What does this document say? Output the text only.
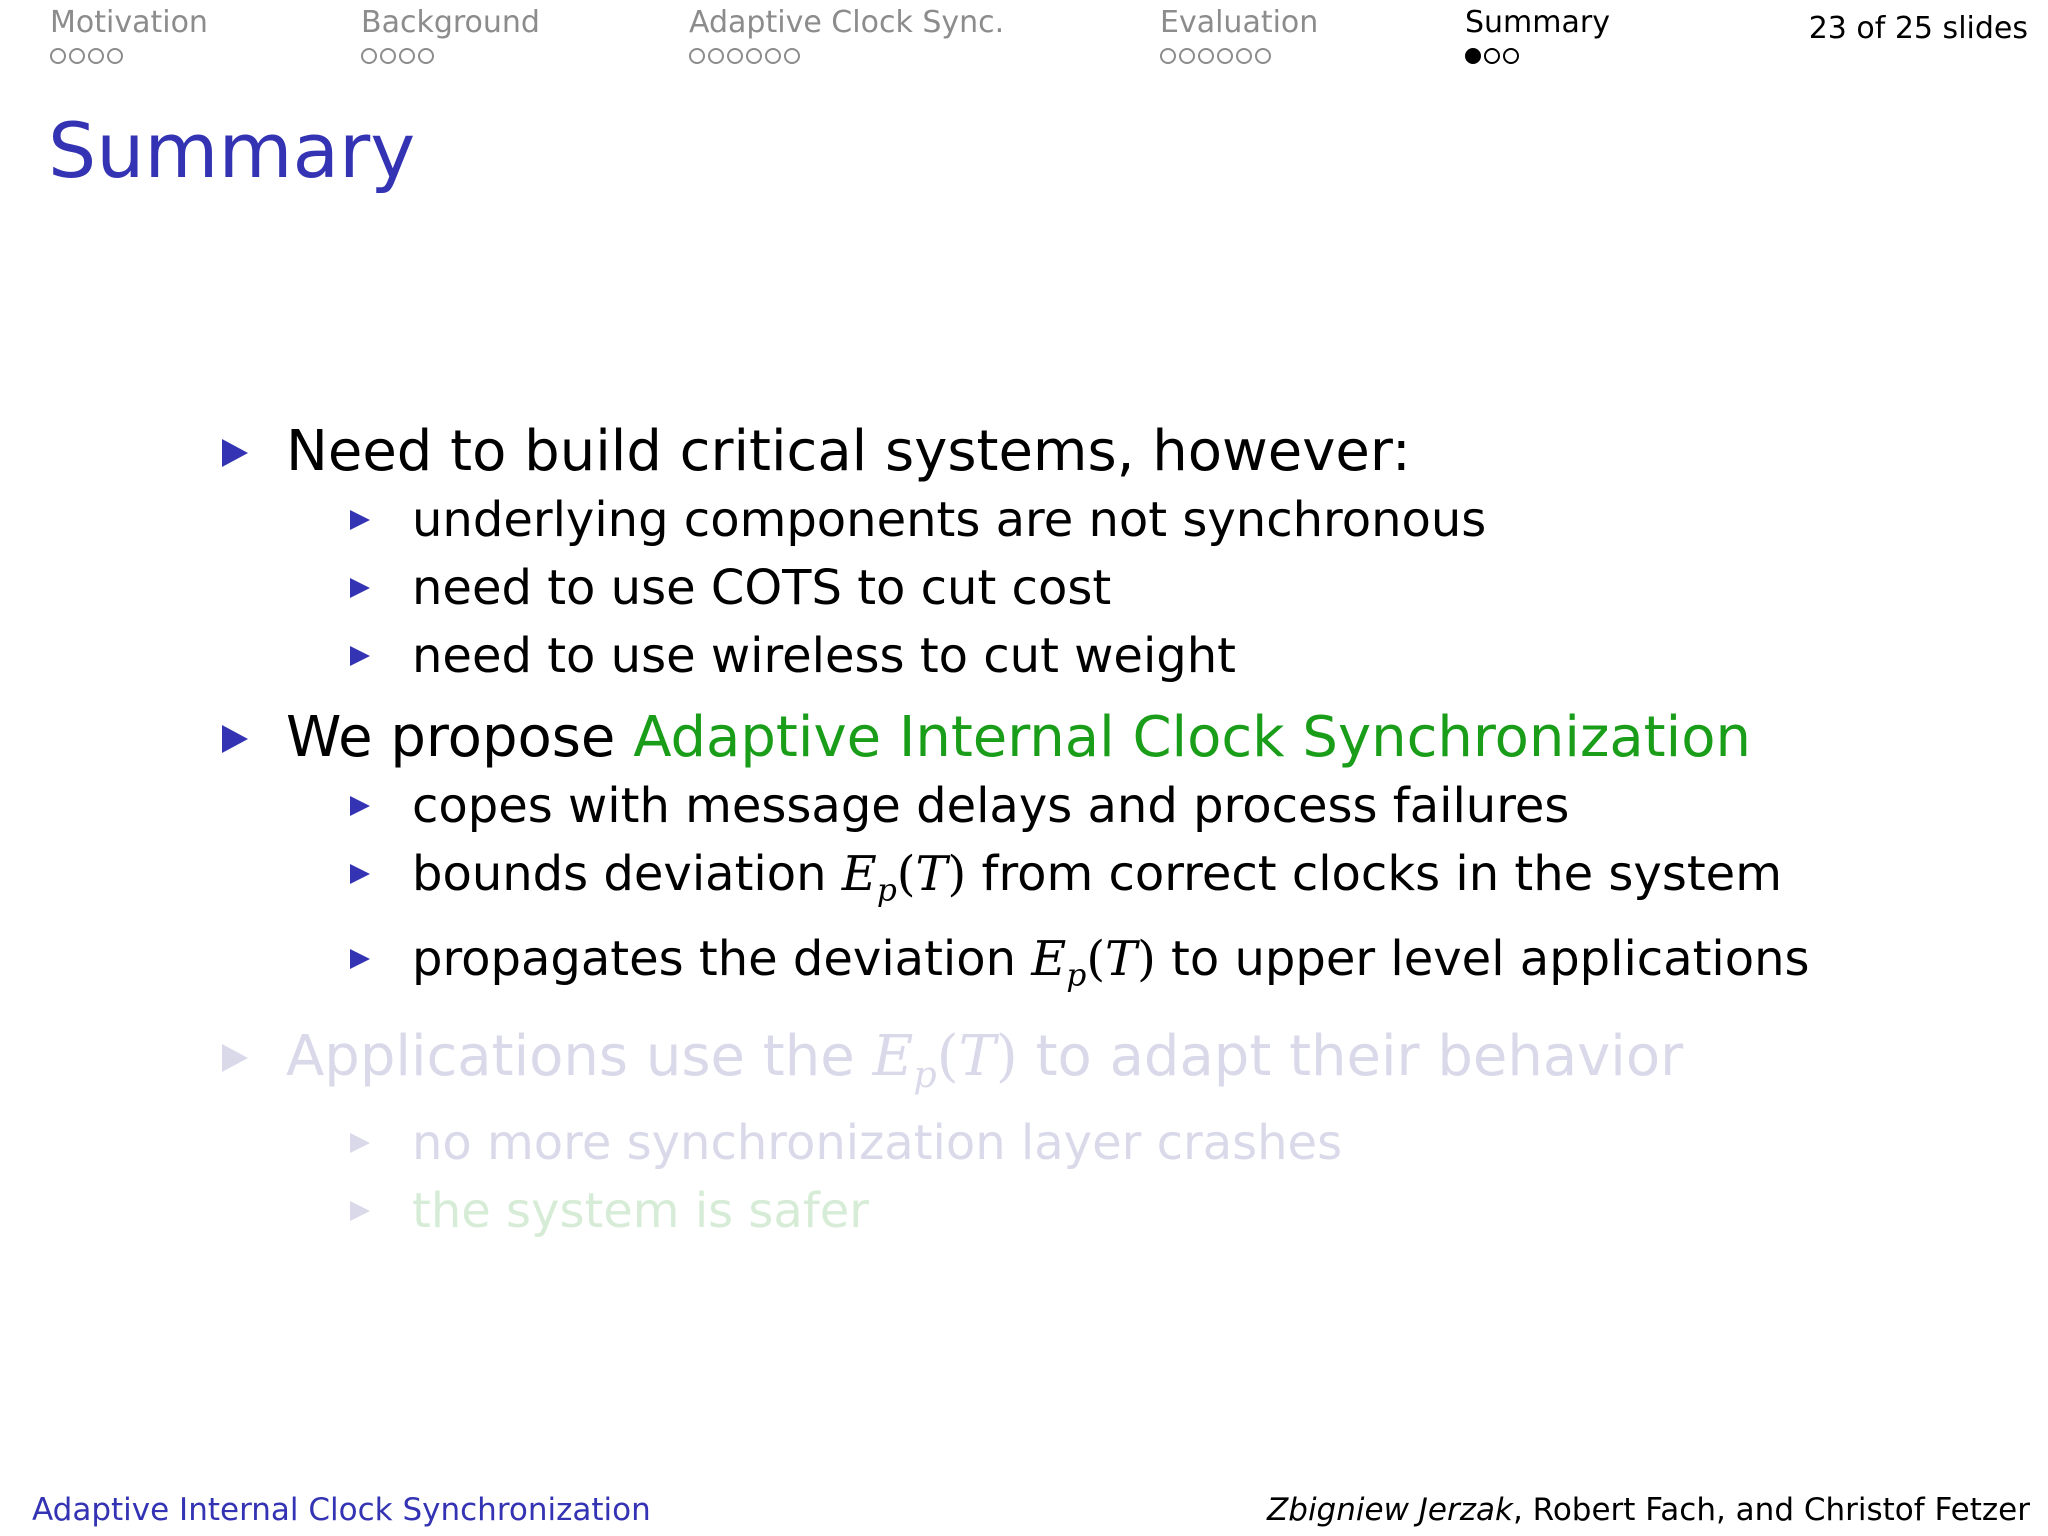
Motivation	Background	Adaptive Clock Sync.	Evaluation	Summary	23 of 25 slides
Summary
Need to build critical systems, however:
underlying components are not synchronous
need to use COTS to cut cost
need to use wireless to cut weight
We propose Adaptive Internal Clock Synchronization
copes with message delays and process failures
bounds deviation $E_p(T)$ from correct clocks in the system
propagates the deviation $E_p(T)$ to upper level applications
Applications use the $E_p(T)$ to adapt their behavior
no more synchronization layer crashes
the system is safer
Adaptive Internal Clock Synchronization	Zbigniew Jerzak, Robert Fach, and Christof Fetzer
